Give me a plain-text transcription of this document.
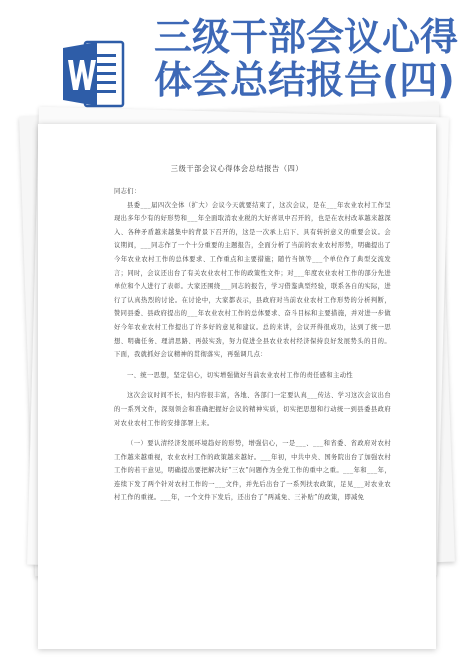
三级干部会议心得
体会总结报告(四)
三级干部会议心得体会总结报告（四）

同志们：

县委___届四次全体（扩大）会议今天就要结束了，这次会议，是在___年农业农村工作呈现出多年少有的好形势和___年全面取消农业税的大好喜讯中召开的，也是在农村改革越来越深入、各种矛盾越来越集中的背景下召开的，这是一次承上启下、具有转折意义的重要会议。会议期间，___同志作了一个十分重要的主题报告，全面分析了当前的农业农村形势，明确提出了今年农业农村工作的总体要求、工作重点和主要措施；随竹当镇等___个单位作了典型交流发言；同时，会议还出台了有关农业农村工作的政策性文件；对___年度农业农村工作的部分先进单位和个人进行了表彰。大家还围绕___同志的报告，学习借鉴典型经验，联系各自的实际，进行了认真热烈的讨论。在讨论中，大家都表示，县政府对当前农业农村工作形势的分析判断，赞同县委、县政府提出的___年农业农村工作的总体要求、奋斗目标和主要措施，并对进一步做好今年农业农村工作提出了许多好的意见和建议。总的来讲，会议开得很成功，达到了统一思想、明确任务、理清思路、再鼓实劲，努力促进全县农业农村经济保持良好发展势头的目的。下面，我就抓好会议精神的贯彻落实，再强调几点：

一、统一思想，坚定信心，切实增强做好当前农业农村工作的责任感和主动性

这次会议时间不长，但内容很丰富，各地、各部门一定要认真___传达、学习这次会议出台的一系列文件，深刻领会和准确把握好会议的精神实质，切实把思想和行动统一到县委县政府对农业农村工作的安排部署上来。

（一）要认清经济发展环境趋好的形势，增强信心，一是___、___和省委、省政府对农村工作越来越重视，农业农村工作的政策越来越好。___年初，中共中央、国务院出台了加强农村工作的若干意见，明确提出要把解决好“三农”问题作为全党工作的重中之重。___年和___年，连续下发了两个针对农村工作的一___文件，并先后出台了一系列扶农政策，足见___对农业农村工作的重视。___年，一个文件下发后，还出台了“两减免、三补贴”的政策，即减免
